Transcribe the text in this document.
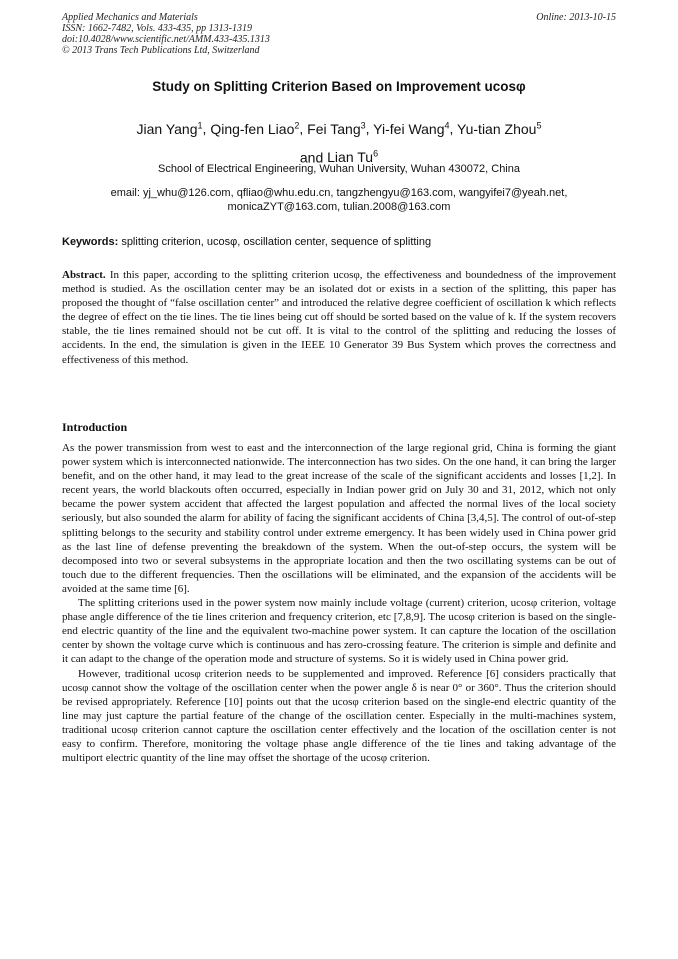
Applied Mechanics and Materials
ISSN: 1662-7482, Vols. 433-435, pp 1313-1319
doi:10.4028/www.scientific.net/AMM.433-435.1313
© 2013 Trans Tech Publications Ltd, Switzerland
Online: 2013-10-15
Study on Splitting Criterion Based on Improvement ucosφ
Jian Yang$^1$, Qing-fen Liao$^2$, Fei Tang$^3$, Yi-fei Wang$^4$, Yu-tian Zhou$^5$
and Lian Tu$^6$
School of Electrical Engineering, Wuhan University, Wuhan 430072, China
email: yj_whu@126.com, qfliao@whu.edu.cn, tangzhengyu@163.com, wangyifei7@yeah.net,
monicaZYT@163.com, tulian.2008@163.com
Keywords: splitting criterion, ucosφ, oscillation center, sequence of splitting
Abstract. In this paper, according to the splitting criterion ucosφ, the effectiveness and boundedness of the improvement method is studied. As the oscillation center may be an isolated dot or exists in a section of the splitting, this paper has proposed the thought of “false oscillation center” and introduced the relative degree coefficient of oscillation k which reflects the degree of effect on the tie lines. The tie lines being cut off should be sorted based on the value of k. If the system recovers stable, the tie lines remained should not be cut off. It is vital to the control of the splitting and reducing the losses of accidents. In the end, the simulation is given in the IEEE 10 Generator 39 Bus System which proves the correctness and effectiveness of this method.
Introduction

As the power transmission from west to east and the interconnection of the large regional grid, China is forming the giant power system which is interconnected nationwide. The interconnection has two sides. On the one hand, it can bring the larger benefit, and on the other hand, it may lead to the great increase of the scale of the significant accidents and losses [1,2]. In recent years, the world blackouts often occurred, especially in Indian power grid on July 30 and 31, 2012, which not only became the power system accident that affected the largest population and affected the normal lives of the local society seriously, but also sounded the alarm for ability of facing the significant accidents of China [3,4,5]. The control of out-of-step splitting belongs to the security and stability control under extreme emergency. It has been widely used in China power grid as the last line of defense preventing the breakdown of the system. When the out-of-step occurs, the system will be decomposed into two or several subsystems in the appropriate location and then the two oscillating systems can be out of touch due to the different frequencies. Then the oscillations will be eliminated, and the expansion of the accidents will be avoided at the same time [6].

The splitting criterions used in the power system now mainly include voltage (current) criterion, ucosφ criterion, voltage phase angle difference of the tie lines criterion and frequency criterion, etc [7,8,9]. The ucosφ criterion is based on the single-end electric quantity of the line and the equivalent two-machine power system. It can capture the location of the oscillation center by shown the voltage curve which is continuous and has zero-crossing feature. The criterion is simple and definite and it can adapt to the change of the operation mode and structure of systems. So it is widely used in China power grid.

However, traditional ucosφ criterion needs to be supplemented and improved. Reference [6] considers practically that ucosφ cannot show the voltage of the oscillation center when the power angle δ is near 0° or 360°. Thus the criterion should be revised appropriately. Reference [10] points out that the ucosφ criterion based on the single-end electric quantity of the line may just capture the partial feature of the change of the oscillation center. Especially in the multi-machines system, traditional ucosφ criterion cannot capture the oscillation center effectively and the location of the oscillation center is not easy to confirm. Therefore, monitoring the voltage phase angle difference of the tie lines and taking advantage of the multiport electric quantity of the line may offset the shortage of the ucosφ criterion.
